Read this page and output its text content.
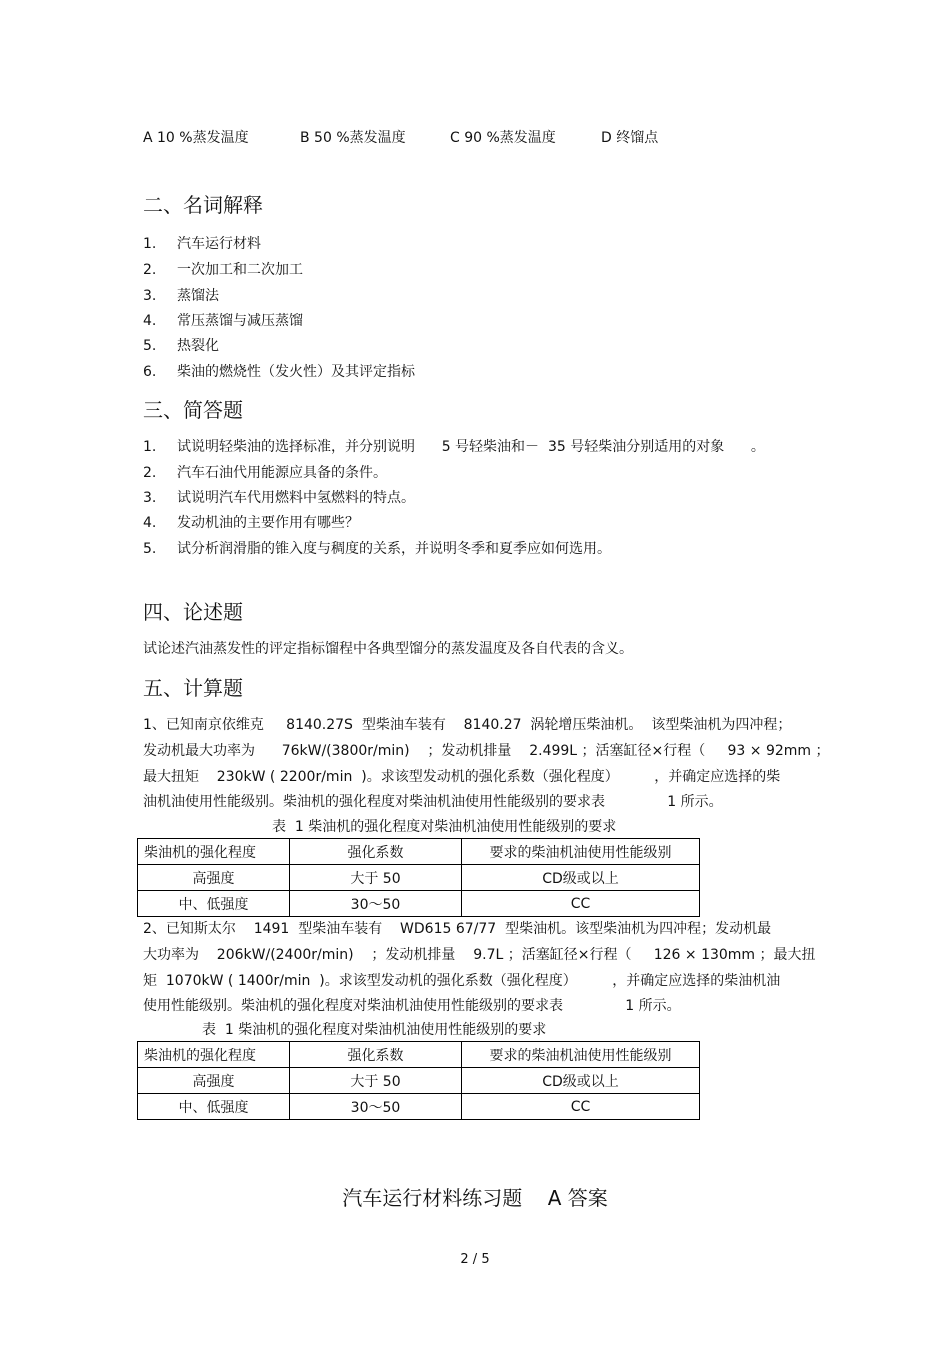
A 10 %蒸发温度	B 50 %蒸发温度	C 90 %蒸发温度	D 终馏点
二、名词解释
1. 汽车运行材料
2. 一次加工和二次加工
3. 蒸馏法
4. 常压蒸馏与减压蒸馏
5. 热裂化
6. 柴油的燃烧性（发火性）及其评定指标
三、简答题
1. 试说明轻柴油的选择标准，并分别说明      5 号轻柴油和－  35 号轻柴油分别适用的对象      。
2. 汽车石油代用能源应具备的条件。
3. 试说明汽车代用燃料中氢燃料的特点。
4. 发动机油的主要作用有哪些？
5. 试分析润滑脂的锥入度与稠度的关系，并说明冬季和夏季应如何选用。
四、论述题
试论述汽油蒸发性的评定指标馏程中各典型馏分的蒸发温度及各自代表的含义。
五、计算题
1、已知南京依维克     8140.27S  型柴油车装有    8140.27  涡轮增压柴油机。  该型柴油机为四冲程；
发动机最大功率为      76kW/(3800r/min)    ；发动机排量    2.499L ；活塞缸径×行程（     93 × 92mm ；
最大扭矩    230kW ( 2200r/min  )。求该型发动机的强化系数（强化程度）        ，并确定应选择的柴
油机油使用性能级别。柴油机的强化程度对柴油机油使用性能级别的要求表              1 所示。
表  1 柴油机的强化程度对柴油机油使用性能级别的要求
柴油机的强化程度	强化系数	要求的柴油机油使用性能级别
高强度	大于 50	CD级或以上
中、低强度	30～50	CC
2、已知斯太尔    1491  型柴油车装有    WD615 67/77  型柴油机。该型柴油机为四冲程；发动机最
大功率为    206kW/(2400r/min)    ；发动机排量    9.7L ；活塞缸径×行程（     126 × 130mm ；最大扭
矩  1070kW ( 1400r/min  )。求该型发动机的强化系数（强化程度）        ，并确定应选择的柴油机油
使用性能级别。柴油机的强化程度对柴油机油使用性能级别的要求表              1 所示。
表  1 柴油机的强化程度对柴油机油使用性能级别的要求
柴油机的强化程度	强化系数	要求的柴油机油使用性能级别
高强度	大于 50	CD级或以上
中、低强度	30～50	CC
汽车运行材料练习题    A 答案
2 / 5
